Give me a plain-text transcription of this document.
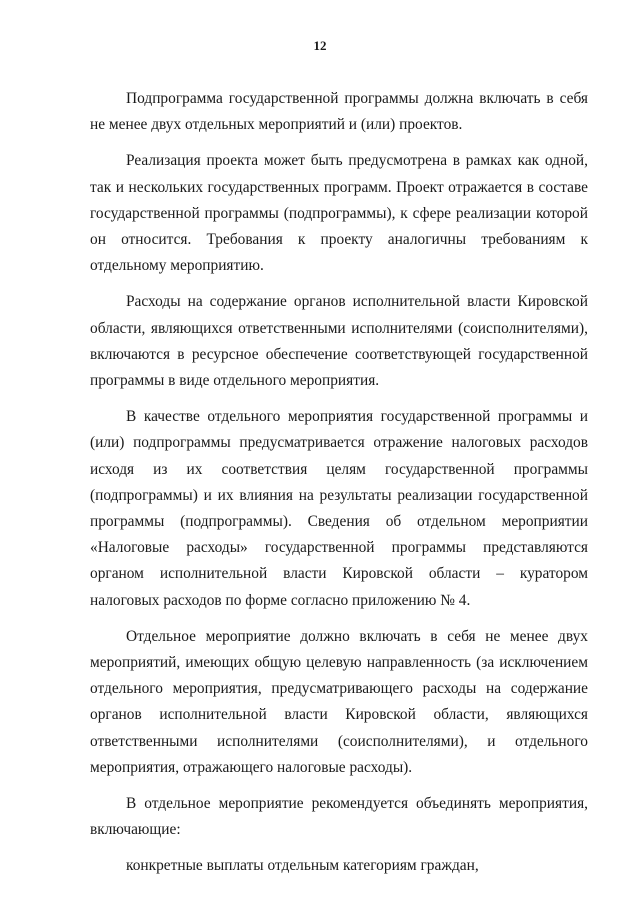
12

Подпрограмма государственной программы должна включать в себя не менее двух отдельных мероприятий и (или) проектов.

Реализация проекта может быть предусмотрена в рамках как одной, так и нескольких государственных программ. Проект отражается в составе государственной программы (подпрограммы), к сфере реализации которой он относится. Требования к проекту аналогичны требованиям к отдельному мероприятию.

Расходы на содержание органов исполнительной власти Кировской области, являющихся ответственными исполнителями (соисполнителями), включаются в ресурсное обеспечение соответствующей государственной программы в виде отдельного мероприятия.

В качестве отдельного мероприятия государственной программы и (или) подпрограммы предусматривается отражение налоговых расходов исходя из их соответствия целям государственной программы (подпрограммы) и их влияния на результаты реализации государственной программы (подпрограммы). Сведения об отдельном мероприятии «Налоговые расходы» государственной программы представляются органом исполнительной власти Кировской области – куратором налоговых расходов по форме согласно приложению № 4.

Отдельное мероприятие должно включать в себя не менее двух мероприятий, имеющих общую целевую направленность (за исключением отдельного мероприятия, предусматривающего расходы на содержание органов исполнительной власти Кировской области, являющихся ответственными исполнителями (соисполнителями), и отдельного мероприятия, отражающего налоговые расходы).

В отдельное мероприятие рекомендуется объединять мероприятия, включающие:

конкретные выплаты отдельным категориям граждан,
